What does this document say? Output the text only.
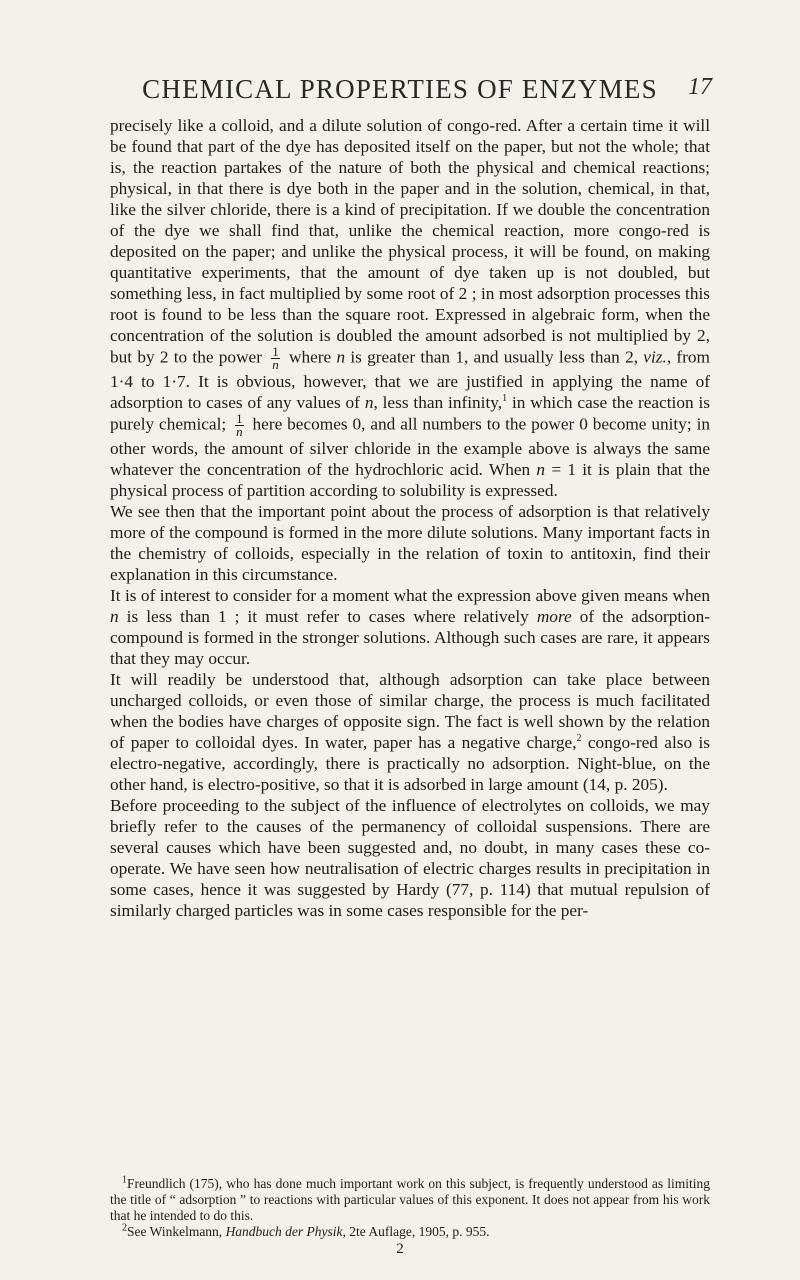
CHEMICAL PROPERTIES OF ENZYMES	17

precisely like a colloid, and a dilute solution of congo-red. After a certain time it will be found that part of the dye has deposited itself on the paper, but not the whole; that is, the reaction partakes of the nature of both the physical and chemical reactions; physical, in that there is dye both in the paper and in the solution, chemical, in that, like the silver chloride, there is a kind of precipitation. If we double the concentration of the dye we shall find that, unlike the chemical reaction, more congo-red is deposited on the paper; and unlike the physical process, it will be found, on making quantitative experiments, that the amount of dye taken up is not doubled, but something less, in fact multiplied by some root of 2 ; in most adsorption processes this root is found to be less than the square root. Expressed in algebraic form, when the concentration of the solution is doubled the amount adsorbed is not multiplied by 2, but by 2 to the power $\frac{1}{n}$ where n is greater than 1, and usually less than 2, viz., from 1·4 to 1·7. It is obvious, however, that we are justified in applying the name of adsorption to cases of any values of n, less than infinity,$^1$ in which case the reaction is purely chemical; $\frac{1}{n}$ here becomes 0, and all numbers to the power 0 become unity; in other words, the amount of silver chloride in the example above is always the same whatever the concentration of the hydrochloric acid. When n = 1 it is plain that the physical process of partition according to solubility is expressed.

We see then that the important point about the process of adsorption is that relatively more of the compound is formed in the more dilute solutions. Many important facts in the chemistry of colloids, especially in the relation of toxin to antitoxin, find their explanation in this circumstance.

It is of interest to consider for a moment what the expression above given means when n is less than 1 ; it must refer to cases where relatively more of the adsorption-compound is formed in the stronger solutions. Although such cases are rare, it appears that they may occur.

It will readily be understood that, although adsorption can take place between uncharged colloids, or even those of similar charge, the process is much facilitated when the bodies have charges of opposite sign. The fact is well shown by the relation of paper to colloidal dyes. In water, paper has a negative charge,$^2$ congo-red also is electro-negative, accordingly, there is practically no adsorption. Night-blue, on the other hand, is electro-positive, so that it is adsorbed in large amount (14, p. 205).

Before proceeding to the subject of the influence of electrolytes on colloids, we may briefly refer to the causes of the permanency of colloidal suspensions. There are several causes which have been suggested and, no doubt, in many cases these co-operate. We have seen how neutralisation of electric charges results in precipitation in some cases, hence it was suggested by Hardy (77, p. 114) that mutual repulsion of similarly charged particles was in some cases responsible for the per-

$^1$Freundlich (175), who has done much important work on this subject, is frequently understood as limiting the title of “ adsorption ” to reactions with particular values of this exponent. It does not appear from his work that he intended to do this.

$^2$See Winkelmann, Handbuch der Physik, 2te Auflage, 1905, p. 955.

2
